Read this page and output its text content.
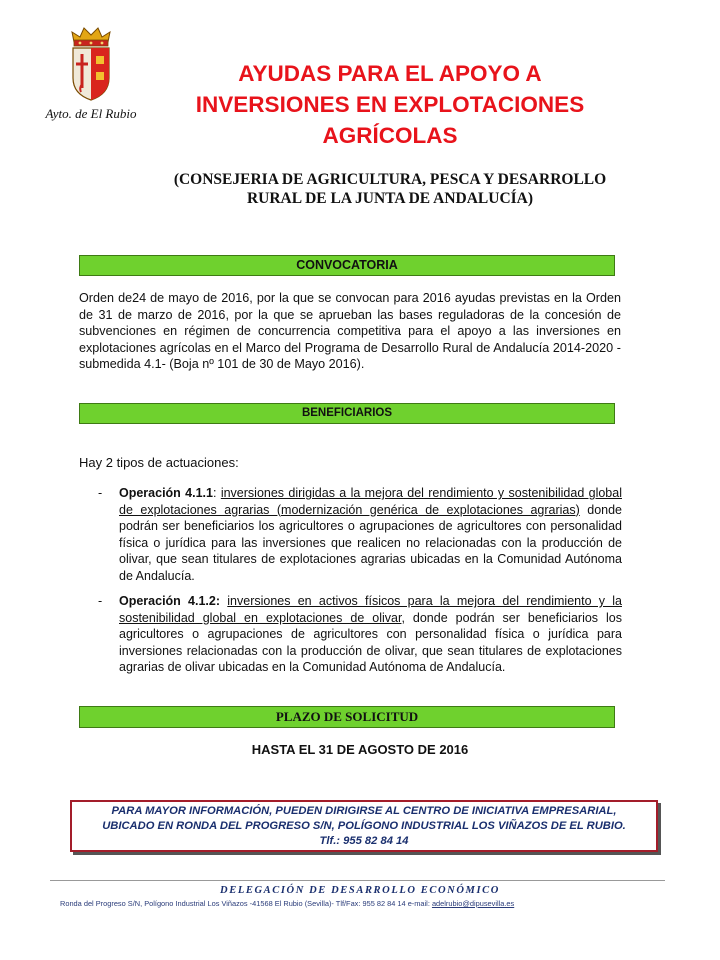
Ayto. de El Rubio
AYUDAS PARA EL APOYO A
INVERSIONES EN EXPLOTACIONES
AGRÍCOLAS
(CONSEJERIA DE AGRICULTURA, PESCA Y DESARROLLO
RURAL DE LA JUNTA DE ANDALUCÍA)
CONVOCATORIA
Orden de24 de mayo de 2016, por la que se convocan para 2016 ayudas previstas en la Orden de 31 de marzo de 2016, por la que se aprueban las bases reguladoras de la concesión de subvenciones en régimen de concurrencia competitiva para el apoyo a las inversiones en explotaciones agrícolas en el Marco del Programa de Desarrollo Rural de Andalucía 2014-2020 -submedida 4.1- (Boja nº 101 de 30 de Mayo 2016).
BENEFICIARIOS
Hay 2 tipos de actuaciones:
- Operación 4.1.1: inversiones dirigidas a la mejora del rendimiento y sostenibilidad global de explotaciones agrarias (modernización genérica de explotaciones agrarias) donde podrán ser beneficiarios los agricultores o agrupaciones de agricultores con personalidad física o jurídica para las inversiones que realicen no relacionadas con la producción de olivar, que sean titulares de explotaciones agrarias ubicadas en la Comunidad Autónoma de Andalucía.
- Operación 4.1.2: inversiones en activos físicos para la mejora del rendimiento y la sostenibilidad global en explotaciones de olivar, donde podrán ser beneficiarios los agricultores o agrupaciones de agricultores con personalidad física o jurídica para inversiones relacionadas con la producción de olivar, que sean titulares de explotaciones agrarias de olivar ubicadas en la Comunidad Autónoma de Andalucía.
PLAZO DE SOLICITUD
HASTA EL 31 DE AGOSTO DE 2016
PARA MAYOR INFORMACIÓN, PUEDEN DIRIGIRSE AL CENTRO DE INICIATIVA EMPRESARIAL,
UBICADO EN RONDA DEL PROGRESO S/N, POLÍGONO INDUSTRIAL LOS VIÑAZOS DE EL RUBIO.
Tlf.: 955 82 84 14
DELEGACIÓN DE DESARROLLO ECONÓMICO
Ronda del Progreso S/N, Polígono Industrial Los Viñazos -41568 El Rubio (Sevilla)- Tlf/Fax: 955 82 84 14 e-mail: adelrubio@dipusevilla.es
